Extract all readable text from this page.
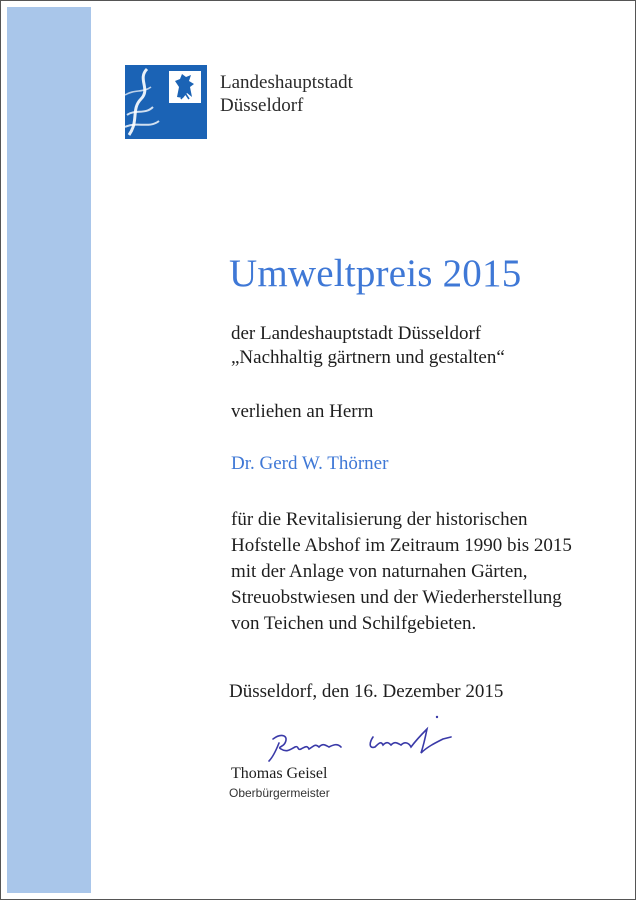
Landeshauptstadt
Düsseldorf
Umweltpreis 2015
der Landeshauptstadt Düsseldorf
„Nachhaltig gärtnern und gestalten“
verliehen an Herrn
Dr. Gerd W. Thörner
für die Revitalisierung der historischen
Hofstelle Abshof im Zeitraum 1990 bis 2015
mit der Anlage von naturnahen Gärten,
Streuobstwiesen und der Wiederherstellung
von Teichen und Schilfgebieten.
Düsseldorf, den 16. Dezember 2015
Thomas Geisel
Oberbürgermeister
